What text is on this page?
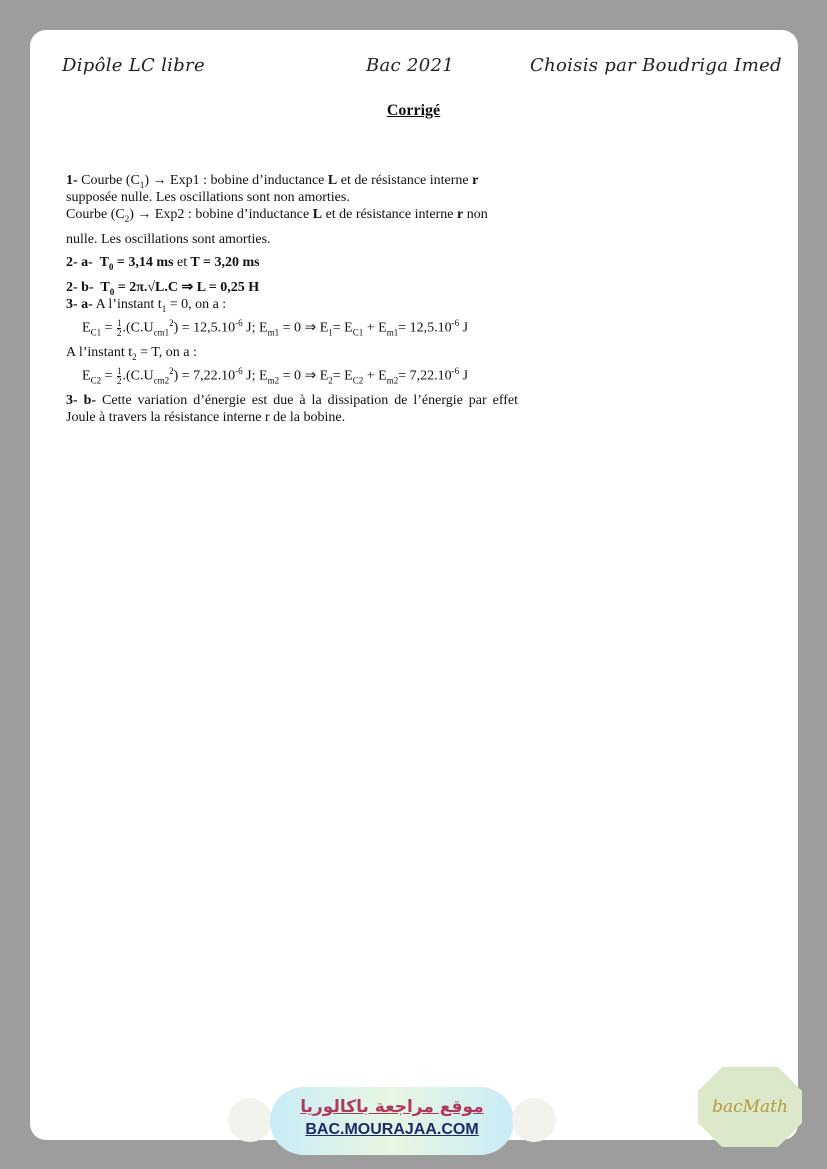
Dipôle LC libre	Bac 2021	Choisis par Boudriga Imed
Corrigé

1- Courbe $(C_1) \to Exp1$ : bobine d’inductance L et de résistance interne r

supposée nulle. Les oscillations sont non amorties.

Courbe $(C_2) \to Exp2$ : bobine d’inductance L et de résistance interne r non

nulle. Les oscillations sont amorties.

2- a- $T_0 = 3,14$ ms et T = 3,20 ms

2- b- $T_0 = 2\pi.√L.C$ ⇒ L = 0,25 H

3- a- A l’instant $t_1 = 0$, on a :

$E_{C1} = \frac{1}{2} .(C.U_{cm1}^2) = 12,5.10^{-6}$ J; $E_{m1} = 0$ ⇒ $E_1= E_{C1} + E_{m1}= 12,5.10^{-6}$ J

A l’instant $t_2 = T$, on a :

$E_{C2} = \frac{1}{2} .(C.U_{cm2}^2) = 7,22.10^{-6}$ J; $E_{m2} = 0$ ⇒ $E_2= E_{C2} + E_{m2}= 7,22.10^{-6}$ J

3- b- Cette variation d’énergie est due à la dissipation de l’énergie par effet Joule à travers la résistance interne r de la bobine.

موقع مراجعة باكالوريا
BAC.MOURAJAA.COM
bacMath
